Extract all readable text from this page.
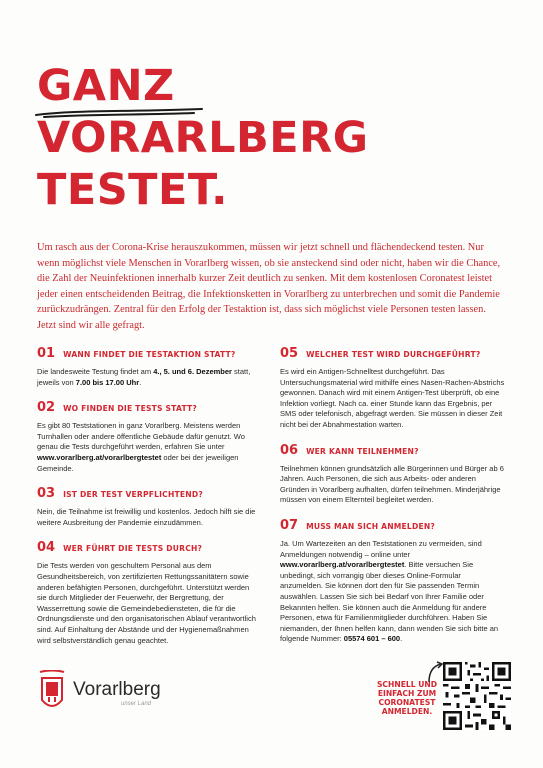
GANZ
VORARLBERG
TESTET.

Um rasch aus der Corona-Krise herauszukommen, müssen wir jetzt schnell und flächendeckend testen. Nur wenn möglichst viele Menschen in Vorarlberg wissen, ob sie ansteckend sind oder nicht, haben wir die Chance, die Zahl der Neuinfektionen innerhalb kurzer Zeit deutlich zu senken. Mit dem kostenlosen Coronatest leistet jeder einen entscheidenden Beitrag, die Infektionsketten in Vorarlberg zu unterbrechen und somit die Pandemie zurückzudrängen. Zentral für den Erfolg der Testaktion ist, dass sich möglichst viele Personen testen lassen. Jetzt sind wir alle gefragt.

01 WANN FINDET DIE TESTAKTION STATT?
Die landesweite Testung findet am 4., 5. und 6. Dezember statt, jeweils von 7.00 bis 17.00 Uhr.
02 WO FINDEN DIE TESTS STATT?
Es gibt 80 Teststationen in ganz Vorarlberg. Meistens werden Turnhallen oder andere öffentliche Gebäude dafür genutzt. Wo genau die Tests durchgeführt werden, erfahren Sie unter www.vorarlberg.at/vorarlbergtestet oder bei der jeweiligen Gemeinde.
03 IST DER TEST VERPFLICHTEND?
Nein, die Teilnahme ist freiwillig und kostenlos. Jedoch hilft sie die weitere Ausbreitung der Pandemie einzudämmen.
04 WER FÜHRT DIE TESTS DURCH?
Die Tests werden von geschultem Personal aus dem Gesundheitsbereich, von zertifizierten Rettungssanitätern sowie anderen befähigten Personen, durchgeführt. Unterstützt werden sie durch Mitglieder der Feuerwehr, der Bergrettung, der Wasserrettung sowie die Gemeindebediensteten, die für die Ordnungsdienste und den organisatorischen Ablauf verantwortlich sind. Auf Einhaltung der Abstände und der Hygienemaßnahmen wird selbstverständlich genau geachtet.
05 WELCHER TEST WIRD DURCHGEFÜHRT?
Es wird ein Antigen-Schnelltest durchgeführt. Das Untersuchungsmaterial wird mithilfe eines Nasen-Rachen-Abstrichs gewonnen. Danach wird mit einem Antigen-Test überprüft, ob eine Infektion vorliegt. Nach ca. einer Stunde kann das Ergebnis, per SMS oder telefonisch, abgefragt werden. Sie müssen in dieser Zeit nicht bei der Abnahmestation warten.
06 WER KANN TEILNEHMEN?
Teilnehmen können grundsätzlich alle Bürgerinnen und Bürger ab 6 Jahren. Auch Personen, die sich aus Arbeits- oder anderen Gründen in Vorarlberg aufhalten, dürfen teilnehmen. Minderjährige müssen von einem Elternteil begleitet werden.
07 MUSS MAN SICH ANMELDEN?
Ja. Um Wartezeiten an den Teststationen zu vermeiden, sind Anmeldungen notwendig – online unter www.vorarlberg.at/vorarlbergtestet. Bitte versuchen Sie unbedingt, sich vorrangig über dieses Online-Formular anzumelden. Sie können dort den für Sie passenden Termin auswählen. Lassen Sie sich bei Bedarf von Ihrer Familie oder Bekannten helfen. Sie können auch die Anmeldung für andere Personen, etwa für Familienmitglieder durchführen. Haben Sie niemanden, der Ihnen helfen kann, dann wenden Sie sich bitte an folgende Nummer: 05574 601 – 600.
Vorarlberg
unser Land
SCHNELL UND
EINFACH ZUM
CORONATEST
ANMELDEN.
